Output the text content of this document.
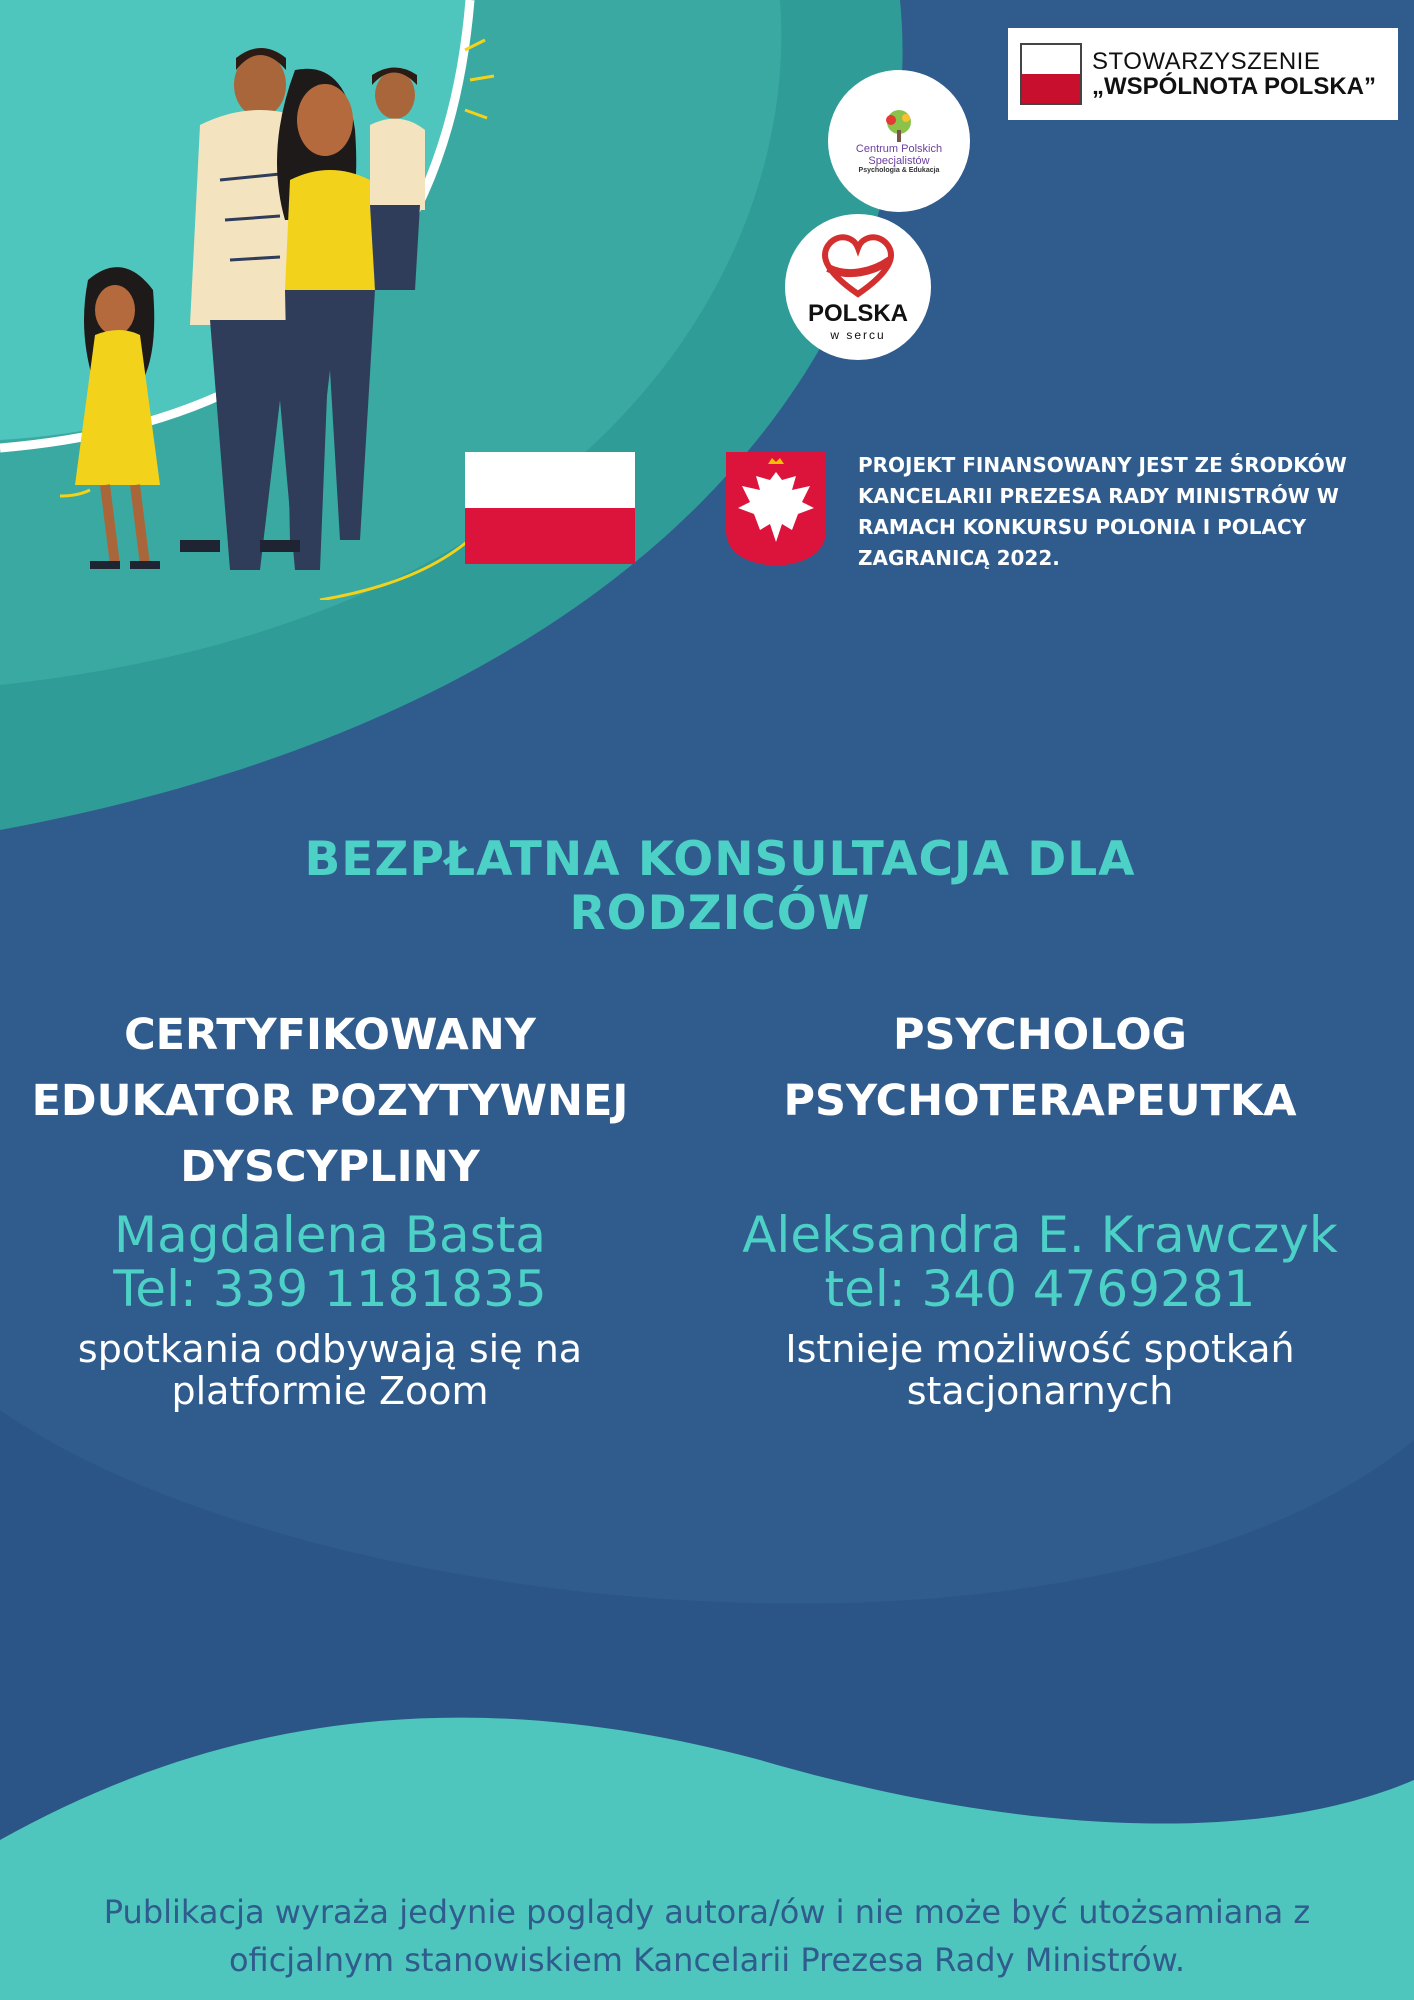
STOWARZYSZENIE
„WSPÓLNOTA POLSKA”
Centrum Polskich
Specjalistów
Psychologia & Edukacja
POLSKA
w sercu
PROJEKT FINANSOWANY JEST ZE ŚRODKÓW KANCELARII PREZESA RADY MINISTRÓW W RAMACH KONKURSU POLONIA I POLACY ZAGRANICĄ 2022.
BEZPŁATNA KONSULTACJA DLA RODZICÓW
CERTYFIKOWANY EDUKATOR POZYTYWNEJ DYSCYPLINY
Magdalena Basta
Tel: 339 1181835
spotkania odbywają się na platformie Zoom
PSYCHOLOG PSYCHOTERAPEUTKA
Aleksandra E. Krawczyk
tel: 340 4769281
Istnieje możliwość spotkań stacjonarnych
Publikacja wyraża jedynie poglądy autora/ów i nie może być utożsamiana z oficjalnym stanowiskiem Kancelarii Prezesa Rady Ministrów.
